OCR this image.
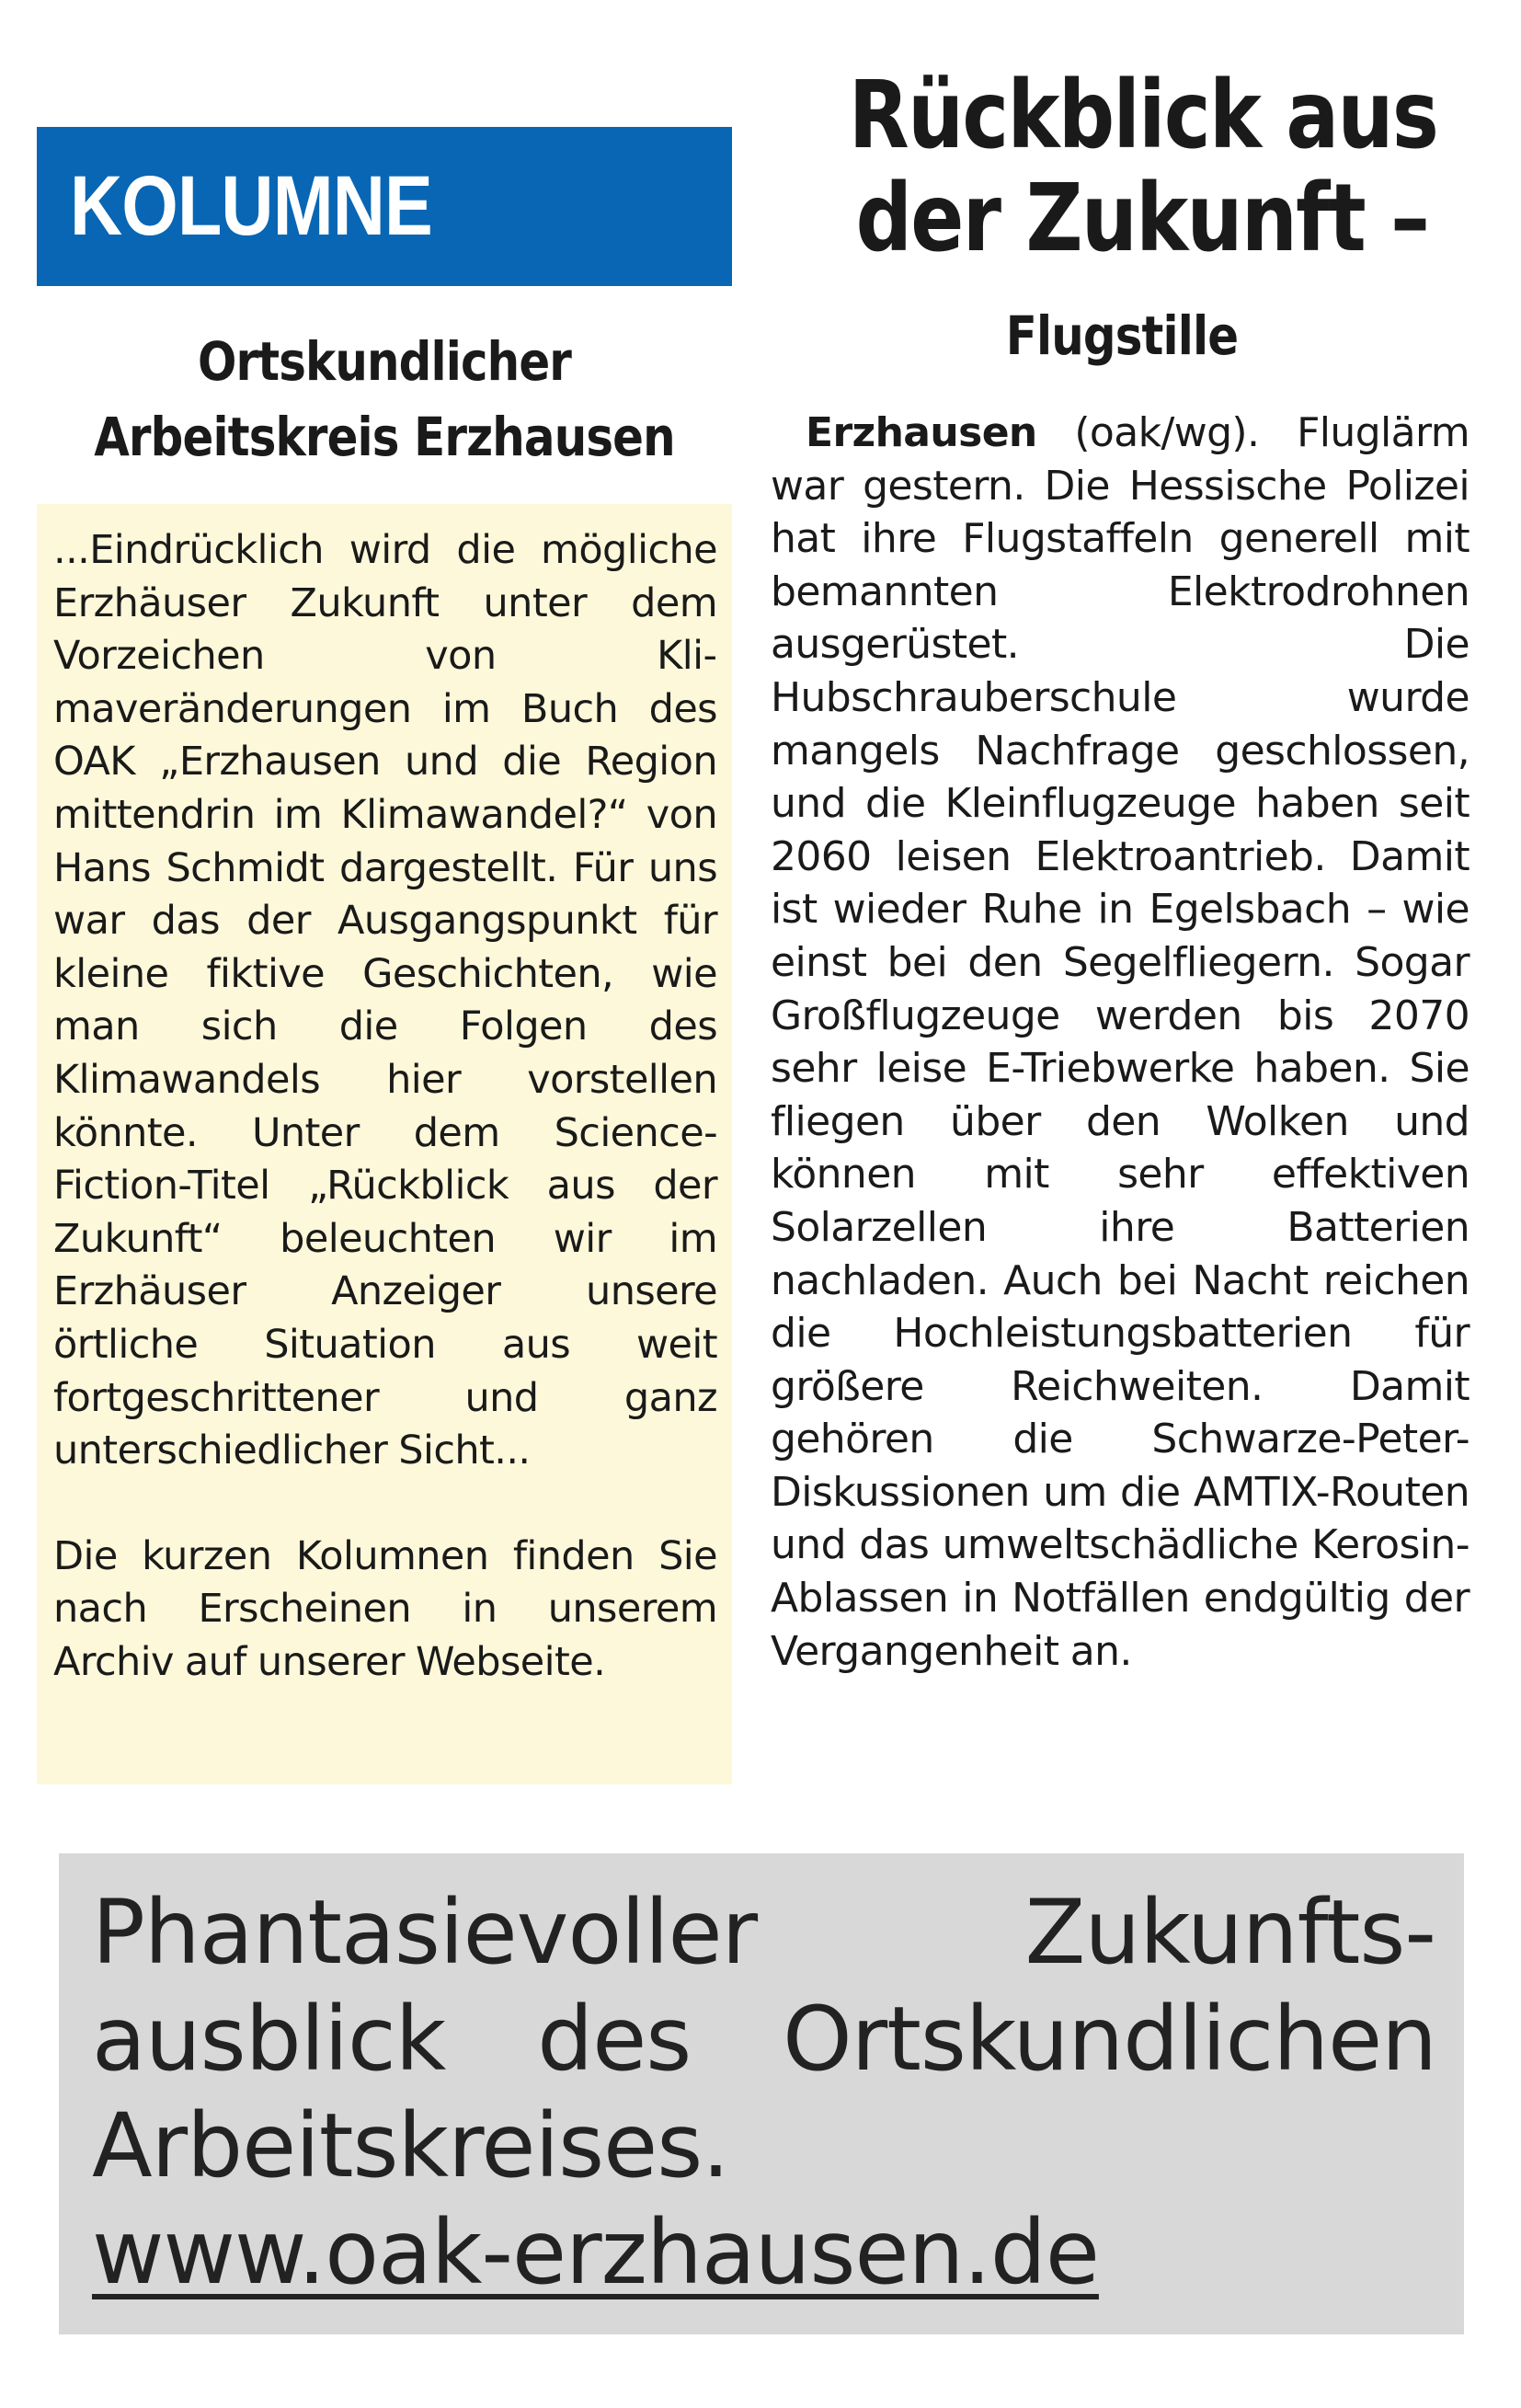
KOLUMNE
Ortskundlicher
Arbeitskreis Erzhausen

...Eindrücklich wird die mögliche Erzhäuser Zukunft unter dem Vorzeichen von Klimaveränderungen im Buch des OAK „Erzhausen und die Region mittendrin im Klimawandel?“ von Hans Schmidt dargestellt. Für uns war das der Ausgangspunkt für kleine fiktive Geschichten, wie man sich die Folgen des Klimawandels hier vorstellen könnte. Unter dem Science-Fiction-Titel „Rückblick aus der Zukunft“ beleuchten wir im Erzhäuser Anzeiger unsere örtliche Situation aus weit fortgeschrittener und ganz unterschiedlicher Sicht...

Die kurzen Kolumnen finden Sie nach Erscheinen in unserem Archiv auf unserer Webseite.

Rückblick aus
der Zukunft –
Flugstille
Erzhausen (oak/wg). Fluglärm war gestern. Die Hessische Polizei hat ihre Flugstaffeln generell mit bemannten Elektrodrohnen ausgerüstet. Die Hubschrauberschule wurde mangels Nachfrage geschlossen, und die Kleinflugzeuge haben seit 2060 leisen Elektroantrieb. Damit ist wieder Ruhe in Egelsbach – wie einst bei den Segelfliegern. Sogar Großflugzeuge werden bis 2070 sehr leise E-Triebwerke haben. Sie fliegen über den Wolken und können mit sehr effektiven Solarzellen ihre Batterien nachladen. Auch bei Nacht reichen die Hochleistungsbatterien für größere Reichweiten. Damit gehören die Schwarze-Peter-Diskussionen um die AMTIX-Routen und das umweltschädliche Kerosin-Ablassen in Notfällen endgültig der Vergangenheit an.

Phantasievoller Zukunftsausblick des Ortskundlichen Arbeitskreises.

www.oak-erzhausen.de
